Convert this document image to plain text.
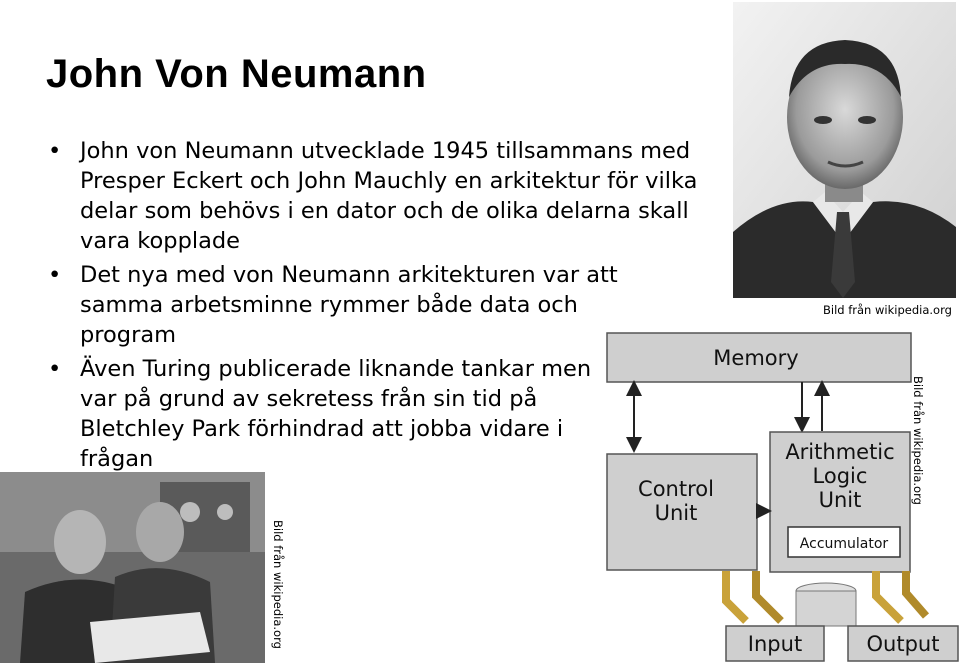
John Von Neumann
• John von Neumann utvecklade 1945 tillsammans med Presper Eckert och John Mauchly en arkitektur för vilka delar som behövs i en dator och de olika delarna skall vara kopplade
• Det nya med von Neumann arkitekturen var att samma arbetsminne rymmer både data och program
• Även Turing publicerade liknande tankar men var på grund av sekretess från sin tid på Bletchley Park förhindrad att jobba vidare i frågan
Bild från wikipedia.org
Memory
Control
Unit
Arithmetic
Logic
Unit
Accumulator
Input	Output
Bild från wikipedia.org
Bild från wikipedia.org
